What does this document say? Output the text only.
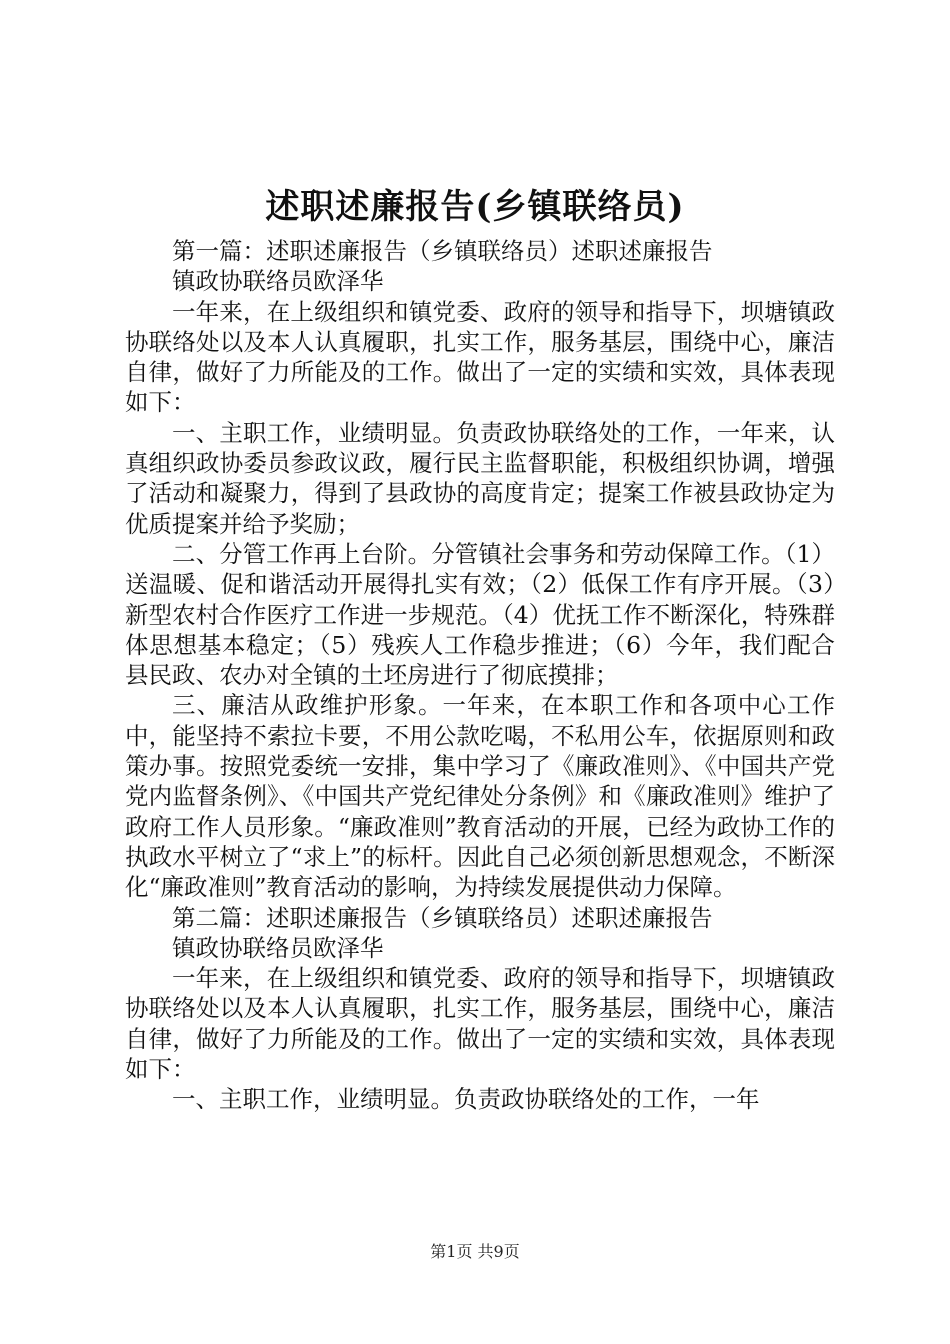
述职述廉报告(乡镇联络员)

第一篇：述职述廉报告（乡镇联络员）述职述廉报告

镇政协联络员欧泽华

一年来，在上级组织和镇党委、政府的领导和指导下，坝塘镇政协联络处以及本人认真履职，扎实工作，服务基层，围绕中心，廉洁自律，做好了力所能及的工作。做出了一定的实绩和实效，具体表现如下：

一、主职工作，业绩明显。负责政协联络处的工作，一年来，认真组织政协委员参政议政，履行民主监督职能，积极组织协调，增强了活动和凝聚力，得到了县政协的高度肯定；提案工作被县政协定为优质提案并给予奖励；

二、分管工作再上台阶。分管镇社会事务和劳动保障工作。（1）送温暖、促和谐活动开展得扎实有效；（2）低保工作有序开展。（3）新型农村合作医疗工作进一步规范。（4）优抚工作不断深化，特殊群体思想基本稳定；（5）残疾人工作稳步推进；（6）今年，我们配合县民政、农办对全镇的土坯房进行了彻底摸排；

三、廉洁从政维护形象。一年来，在本职工作和各项中心工作中，能坚持不索拉卡要，不用公款吃喝，不私用公车，依据原则和政策办事。按照党委统一安排，集中学习了《廉政准则》、《中国共产党党内监督条例》、《中国共产党纪律处分条例》和《廉政准则》维护了政府工作人员形象。“廉政准则”教育活动的开展，已经为政协工作的执政水平树立了“求上”的标杆。因此自己必须创新思想观念，不断深化“廉政准则”教育活动的影响，为持续发展提供动力保障。

第二篇：述职述廉报告（乡镇联络员）述职述廉报告

镇政协联络员欧泽华

一年来，在上级组织和镇党委、政府的领导和指导下，坝塘镇政协联络处以及本人认真履职，扎实工作，服务基层，围绕中心，廉洁自律，做好了力所能及的工作。做出了一定的实绩和实效，具体表现如下：

一、主职工作，业绩明显。负责政协联络处的工作，一年

第1页 共9页
